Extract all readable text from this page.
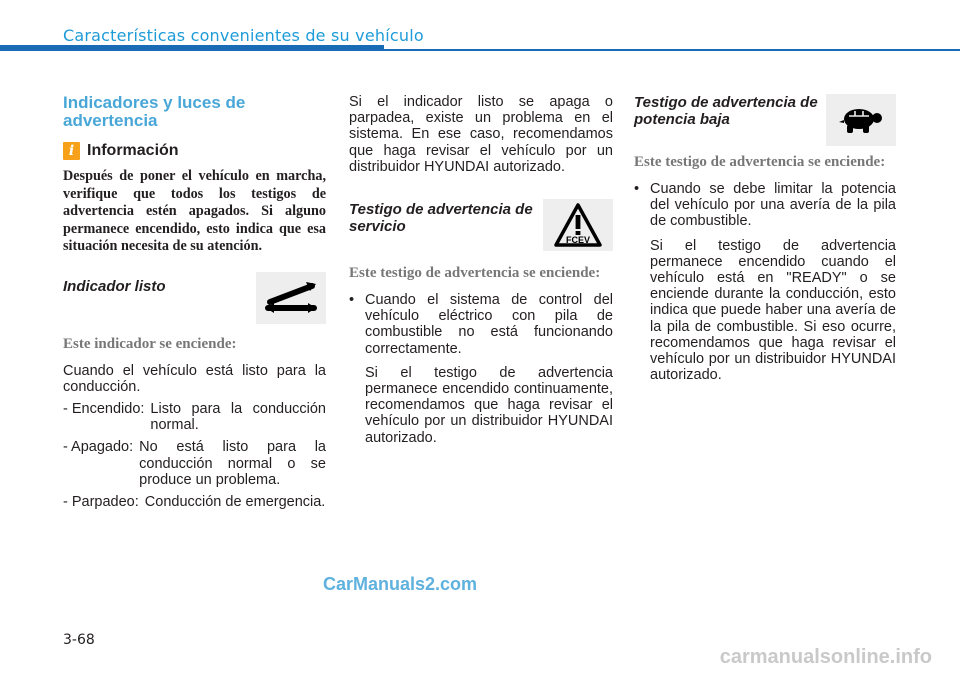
Características convenientes de su vehículo
Indicadores y luces de advertencia
i Información

Después de poner el vehículo en marcha, verifique que todos los testigos de advertencia estén apagados. Si alguno permanece encendido, esto indica que esa situación necesita de su atención.

Indicador listo

Este indicador se enciende:

Cuando el vehículo está listo para la conducción.

- Encendido: Listo para la conducción normal.
- Apagado: No está listo para la conducción normal o se produce un problema.
- Parpadeo: Conducción de emergencia.

Si el indicador listo se apaga o parpadea, existe un problema en el sistema. En ese caso, recomendamos que haga revisar el vehículo por un distribuidor HYUNDAI autorizado.

Testigo de advertencia de servicio
FCEV

Este testigo de advertencia se enciende:

• Cuando el sistema de control del vehículo eléctrico con pila de combustible no está funcionando correctamente.

Si el testigo de advertencia permanece encendido continuamente, recomendamos que haga revisar el vehículo por un distribuidor HYUNDAI autorizado.

Testigo de advertencia de potencia baja

Este testigo de advertencia se enciende:

• Cuando se debe limitar la potencia del vehículo por una avería de la pila de combustible.

Si el testigo de advertencia permanece encendido cuando el vehículo está en "READY" o se enciende durante la conducción, esto indica que puede haber una avería de la pila de combustible. Si eso ocurre, recomendamos que haga revisar el vehículo por un distribuidor HYUNDAI autorizado.

CarManuals2.com
3-68
carmanualsonline.info
